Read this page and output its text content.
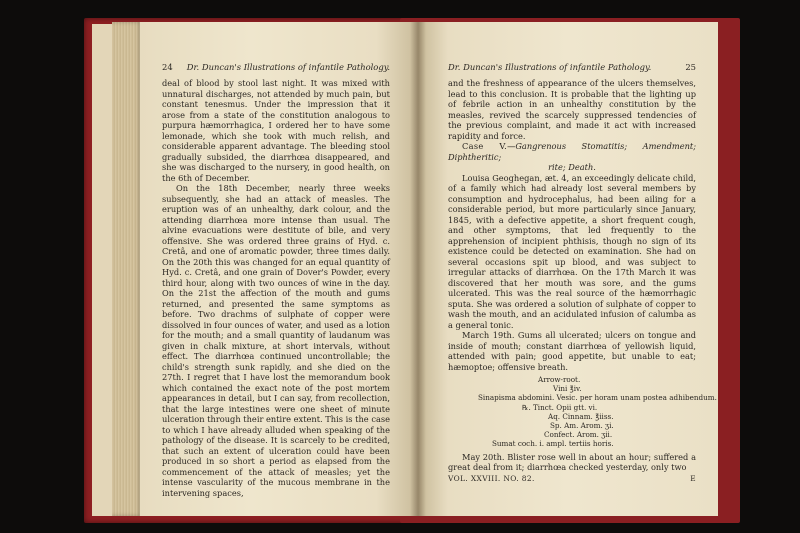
24 Dr. Duncan's Illustrations of infantile Pathology.

deal of blood by stool last night. It was mixed with unnatural discharges, not attended by much pain, but constant tenesmus. Under the impression that it arose from a state of the constitution analogous to purpura hæmorrhagica, I ordered her to have some lemonade, which she took with much relish, and considerable apparent advantage. The bleeding stool gradually subsided, the diarrhœa disappeared, and she was discharged to the nursery, in good health, on the 6th of December.

On the 18th December, nearly three weeks subsequently, she had an attack of measles. The eruption was of an unhealthy, dark colour, and the attending diarrhœa more intense than usual. The alvine evacuations were destitute of bile, and very offensive. She was ordered three grains of Hyd. c. Cretâ, and one of aromatic powder, three times daily. On the 20th this was changed for an equal quantity of Hyd. c. Cretâ, and one grain of Dover's Powder, every third hour, along with two ounces of wine in the day. On the 21st the affection of the mouth and gums returned, and presented the same symptoms as before. Two drachms of sulphate of copper were dissolved in four ounces of water, and used as a lotion for the mouth; and a small quantity of laudanum was given in chalk mixture, at short intervals, without effect. The diarrhœa continued uncontrollable; the child's strength sunk rapidly, and she died on the 27th. I regret that I have lost the memorandum book which contained the exact note of the post mortem appearances in detail, but I can say, from recollection, that the large intestines were one sheet of minute ulceration through their entire extent. This is the case to which I have already alluded when speaking of the pathology of the disease. It is scarcely to be credited, that such an extent of ulceration could have been produced in so short a period as elapsed from the commencement of the attack of measles; yet the intense vascularity of the mucous membrane in the intervening spaces,

Dr. Duncan's Illustrations of infantile Pathology.	25

and the freshness of appearance of the ulcers themselves, lead to this conclusion. It is probable that the lighting up of febrile action in an unhealthy constitution by the measles, revived the scarcely suppressed tendencies of the previous complaint, and made it act with increased rapidity and force.

Case V.—Gangrenous Stomatitis; Amendment; Diphtheritic;

rite; Death.

Louisa Geoghegan, æt. 4, an exceedingly delicate child, of a family which had already lost several members by consumption and hydrocephalus, had been ailing for a considerable period, but more particularly since January, 1845, with a defective appetite, a short frequent cough, and other symptoms, that led frequently to the apprehension of incipient phthisis, though no sign of its existence could be detected on examination. She had on several occasions spit up blood, and was subject to irregular attacks of diarrhœa. On the 17th March it was discovered that her mouth was sore, and the gums ulcerated. This was the real source of the hæmorrhagic sputa. She was ordered a solution of sulphate of copper to wash the mouth, and an acidulated infusion of calumba as a general tonic.

March 19th. Gums all ulcerated; ulcers on tongue and inside of mouth; constant diarrhœa of yellowish liquid, attended with pain; good appetite, but unable to eat; hæmoptoe; offensive breath.

Arrow-root.
Vini ℥iv.
Sinapisma abdomini. Vesic. per horam unam postea adhibendum.
℞. Tinct. Opii gtt. vi.
Aq. Cinnam. ℥iiss.
Sp. Am. Arom. ʒi.
Confect. Arom. ʒii.
Sumat coch. i. ampl. tertiis horis.

May 20th. Blister rose well in about an hour; suffered a great deal from it; diarrhœa checked yesterday, only two

VOL. XXVIII. NO. 82.	E
